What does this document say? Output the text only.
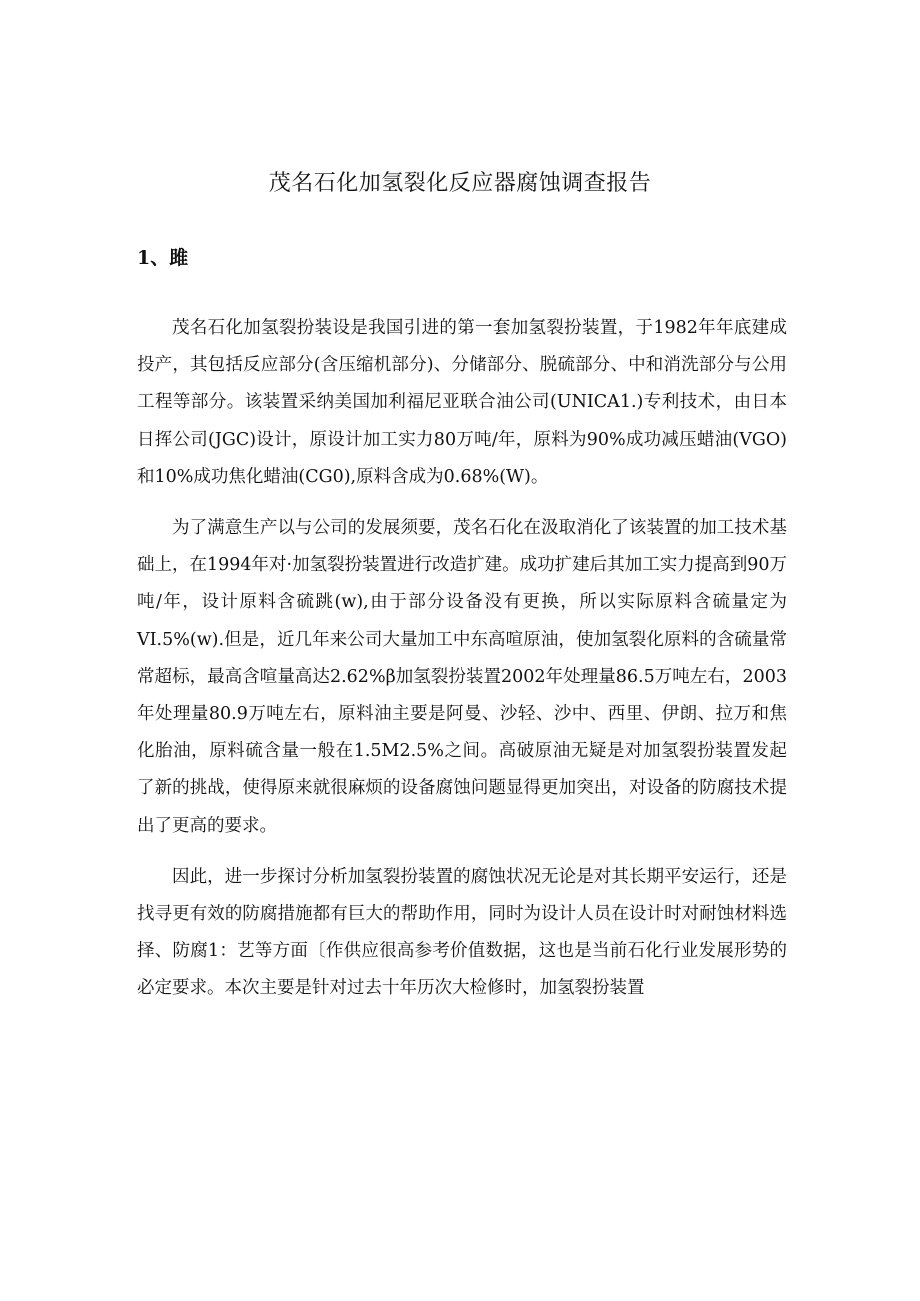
茂名石化加氢裂化反应器腐蚀调查报告
1、雎

茂名石化加氢裂扮装设是我国引进的第一套加氢裂扮装置，于1982年年底建成投产，其包括反应部分(含压缩机部分)、分储部分、脱硫部分、中和消洗部分与公用工程等部分。该装置采纳美国加利福尼亚联合油公司(UNICA1.)专利技术，由日本日挥公司(JGC)设计，原设计加工实力80万吨/年，原料为90%成功减压蜡油(VGO)和10%成功焦化蜡油(CG0),原料含成为0.68%(W)。

为了满意生产以与公司的发展须要，茂名石化在汲取消化了该装置的加工技术基础上，在1994年对·加氢裂扮装置进行改造扩建。成功扩建后其加工实力提高到90万吨/年，设计原料含硫跳(w),由于部分设备没有更换，所以实际原料含硫量定为VI.5%(w).但是，近几年来公司大量加工中东高喧原油，使加氢裂化原料的含硫量常常超标，最高含喧量高达2.62%β加氢裂扮装置2002年处理量86.5万吨左右，2003年处理量80.9万吨左右，原料油主要是阿曼、沙轻、沙中、西里、伊朗、拉万和焦化胎油，原料硫含量一般在1.5M2.5%之间。高破原油无疑是对加氢裂扮装置发起了新的挑战，使得原来就很麻烦的设备腐蚀问题显得更加突出，对设备的防腐技术提出了更高的要求。

因此，进一步探讨分析加氢裂扮装置的腐蚀状况无论是对其长期平安运行，还是找寻更有效的防腐措施都有巨大的帮助作用，同时为设计人员在设计时对耐蚀材料选择、防腐1：艺等方面〔作供应很高参考价值数据，这也是当前石化行业发展形势的必定要求。本次主要是针对过去十年历次大检修时，加氢裂扮装置
